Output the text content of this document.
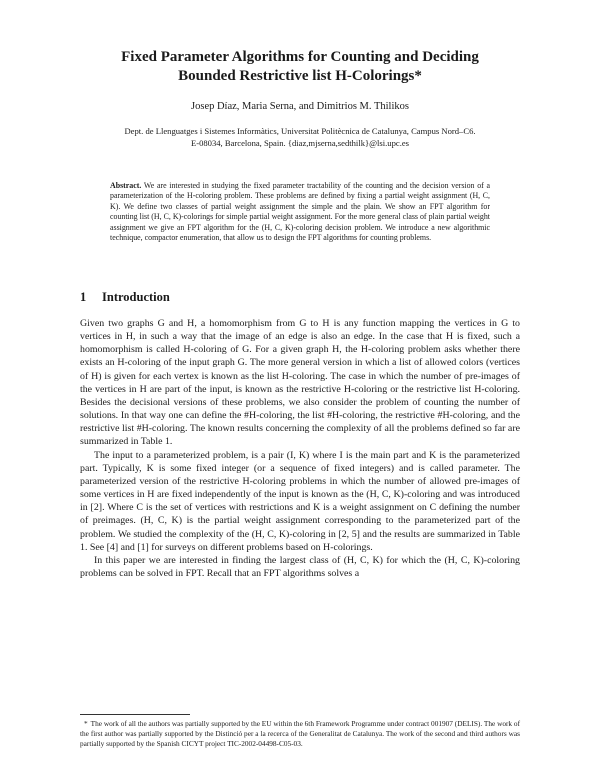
Fixed Parameter Algorithms for Counting and Deciding
Bounded Restrictive list H-Colorings*
Josep Díaz, Maria Serna, and Dimitrios M. Thilikos
Dept. de Llenguatges i Sistemes Informàtics, Universitat Politècnica de Catalunya, Campus Nord–C6.
E-08034, Barcelona, Spain. {diaz,mjserna,sedthilk}@lsi.upc.es
Abstract. We are interested in studying the fixed parameter tractability of the counting and the decision version of a parameterization of the H-coloring problem. These problems are defined by fixing a partial weight assignment (H, C, K). We define two classes of partial weight assignment the simple and the plain. We show an FPT algorithm for counting list (H, C, K)-colorings for simple partial weight assignment. For the more general class of plain partial weight assignment we give an FPT algorithm for the (H, C, K)-coloring decision problem. We introduce a new algorithmic technique, compactor enumeration, that allow us to design the FPT algorithms for counting problems.
1 Introduction

Given two graphs G and H, a homomorphism from G to H is any function mapping the vertices in G to vertices in H, in such a way that the image of an edge is also an edge. In the case that H is fixed, such a homomorphism is called H-coloring of G. For a given graph H, the H-coloring problem asks whether there exists an H-coloring of the input graph G. The more general version in which a list of allowed colors (vertices of H) is given for each vertex is known as the list H-coloring. The case in which the number of pre-images of the vertices in H are part of the input, is known as the restrictive H-coloring or the restrictive list H-coloring. Besides the decisional versions of these problems, we also consider the problem of counting the number of solutions. In that way one can define the #H-coloring, the list #H-coloring, the restrictive #H-coloring, and the restrictive list #H-coloring. The known results concerning the complexity of all the problems defined so far are summarized in Table 1.

The input to a parameterized problem, is a pair (I, K) where I is the main part and K is the parameterized part. Typically, K is some fixed integer (or a sequence of fixed integers) and is called parameter. The parameterized version of the restrictive H-coloring problems in which the number of allowed pre-images of some vertices in H are fixed independently of the input is known as the (H, C, K)-coloring and was introduced in [2]. Where C is the set of vertices with restrictions and K is a weight assignment on C defining the number of preimages. (H, C, K) is the partial weight assignment corresponding to the parameterized part of the problem. We studied the complexity of the (H, C, K)-coloring in [2, 5] and the results are summarized in Table 1. See [4] and [1] for surveys on different problems based on H-colorings.

In this paper we are interested in finding the largest class of (H, C, K) for which the (H, C, K)-coloring problems can be solved in FPT. Recall that an FPT algorithms solves a

* The work of all the authors was partially supported by the EU within the 6th Framework Programme under contract 001907 (DELIS). The work of the first author was partially supported by the Distinció per a la recerca of the Generalitat de Catalunya. The work of the second and third authors was partially supported by the Spanish CICYT project TIC-2002-04498-C05-03.
